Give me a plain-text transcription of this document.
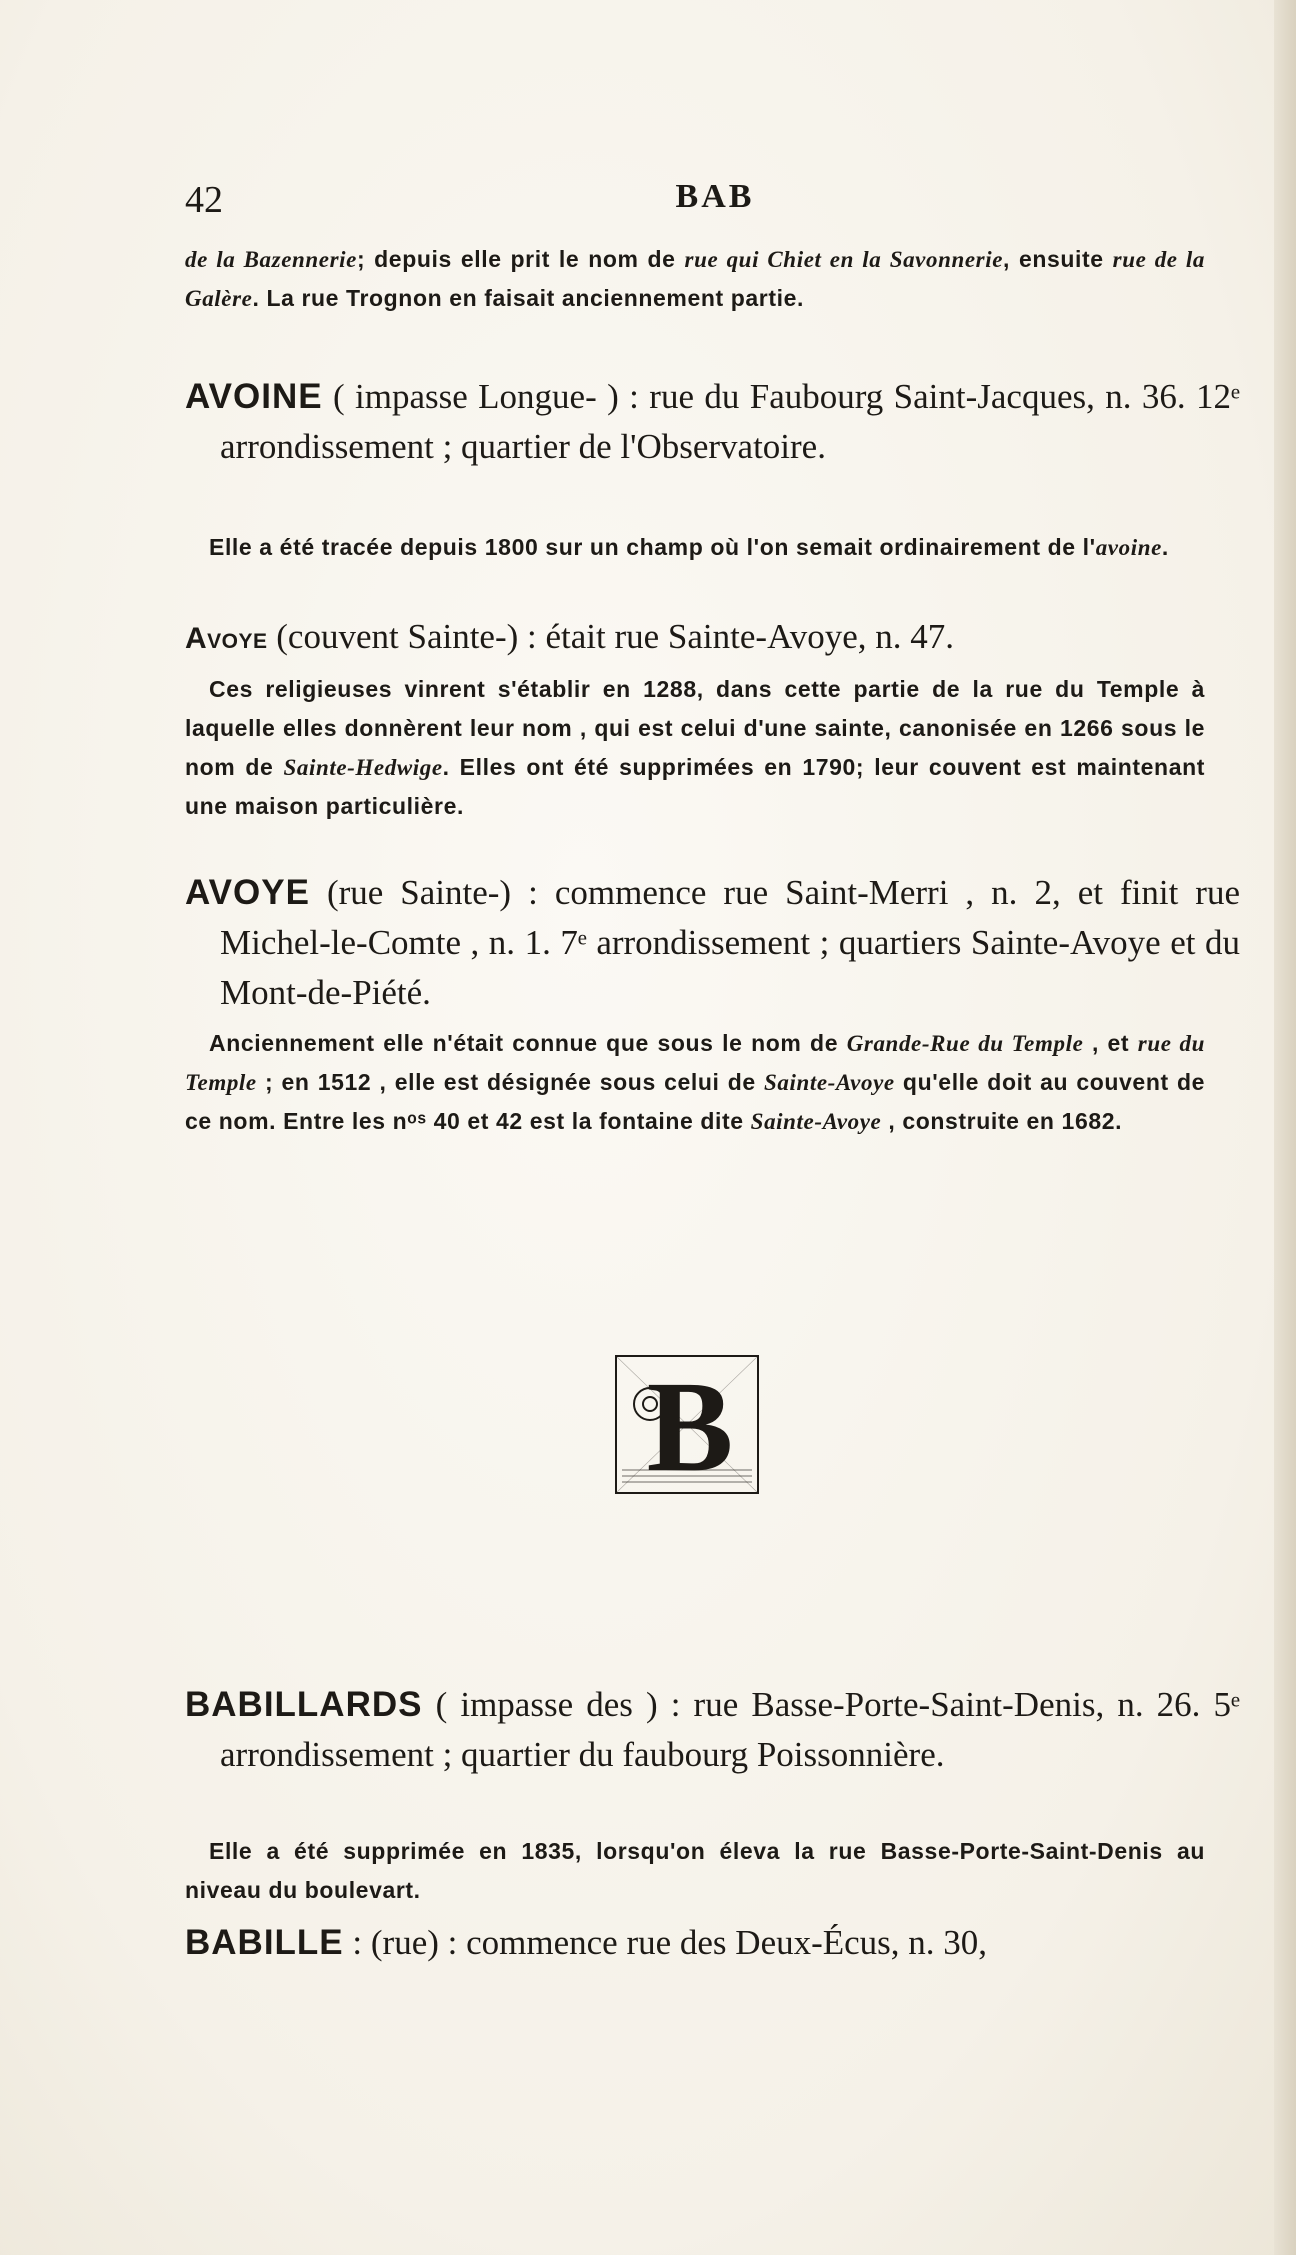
42	BAB
de la Bazennerie; depuis elle prit le nom de rue qui Chiet en la Savonnerie, ensuite rue de la Galère. La rue Trognon en faisait anciennement partie.
AVOINE ( impasse Longue- ) : rue du Faubourg Saint-Jacques, n. 36. 12ᵉ arrondissement ; quartier de l'Observatoire.
Elle a été tracée depuis 1800 sur un champ où l'on semait ordinairement de l'avoine.
Avoye (couvent Sainte-) : était rue Sainte-Avoye, n. 47.
Ces religieuses vinrent s'établir en 1288, dans cette partie de la rue du Temple à laquelle elles donnèrent leur nom , qui est celui d'une sainte, canonisée en 1266 sous le nom de Sainte-Hedwige. Elles ont été supprimées en 1790; leur couvent est maintenant une maison particulière.
AVOYE (rue Sainte-) : commence rue Saint-Merri , n. 2, et finit rue Michel-le-Comte , n. 1. 7ᵉ arrondissement ; quartiers Sainte-Avoye et du Mont-de-Piété.
Anciennement elle n'était connue que sous le nom de Grande-Rue du Temple , et rue du Temple ; en 1512 , elle est désignée sous celui de Sainte-Avoye qu'elle doit au couvent de ce nom. Entre les nᵒˢ 40 et 42 est la fontaine dite Sainte-Avoye , construite en 1682.
B
BABILLARDS ( impasse des ) : rue Basse-Porte-Saint-Denis, n. 26. 5ᵉ arrondissement ; quartier du faubourg Poissonnière.
Elle a été supprimée en 1835, lorsqu'on éleva la rue Basse-Porte-Saint-Denis au niveau du boulevart.
BABILLE : (rue) : commence rue des Deux-Écus, n. 30,
